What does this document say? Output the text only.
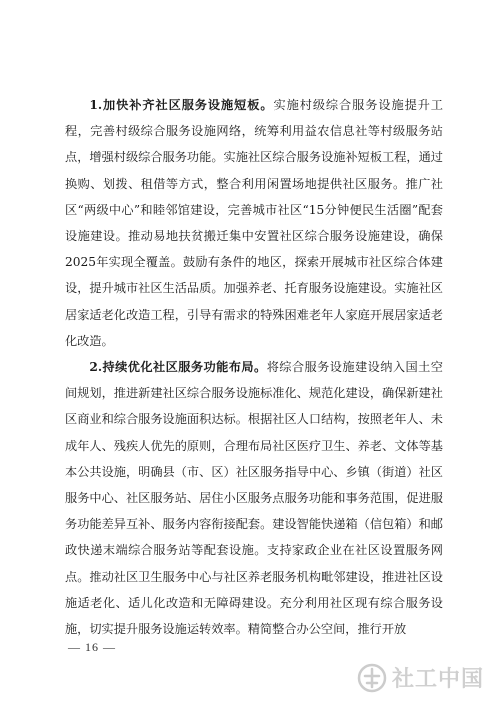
1.加快补齐社区服务设施短板。实施村级综合服务设施提升工程，完善村级综合服务设施网络，统筹利用益农信息社等村级服务站点，增强村级综合服务功能。实施社区综合服务设施补短板工程，通过换购、划拨、租借等方式，整合利用闲置场地提供社区服务。推广社区“两级中心”和睦邻馆建设，完善城市社区“15分钟便民生活圈”配套设施建设。推动易地扶贫搬迁集中安置社区综合服务设施建设，确保2025年实现全覆盖。鼓励有条件的地区，探索开展城市社区综合体建设，提升城市社区生活品质。加强养老、托育服务设施建设。实施社区居家适老化改造工程，引导有需求的特殊困难老年人家庭开展居家适老化改造。

2.持续优化社区服务功能布局。将综合服务设施建设纳入国土空间规划，推进新建社区综合服务设施标准化、规范化建设，确保新建社区商业和综合服务设施面积达标。根据社区人口结构，按照老年人、未成年人、残疾人优先的原则，合理布局社区医疗卫生、养老、文体等基本公共设施，明确县（市、区）社区服务指导中心、乡镇（街道）社区服务中心、社区服务站、居住小区服务点服务功能和事务范围，促进服务功能差异互补、服务内容衔接配套。建设智能快递箱（信包箱）和邮政快递末端综合服务站等配套设施。支持家政企业在社区设置服务网点。推动社区卫生服务中心与社区养老服务机构毗邻建设，推进社区设施适老化、适儿化改造和无障碍建设。充分利用社区现有综合服务设施，切实提升服务设施运转效率。精简整合办公空间，推行开放

— 16 —
社工中国
